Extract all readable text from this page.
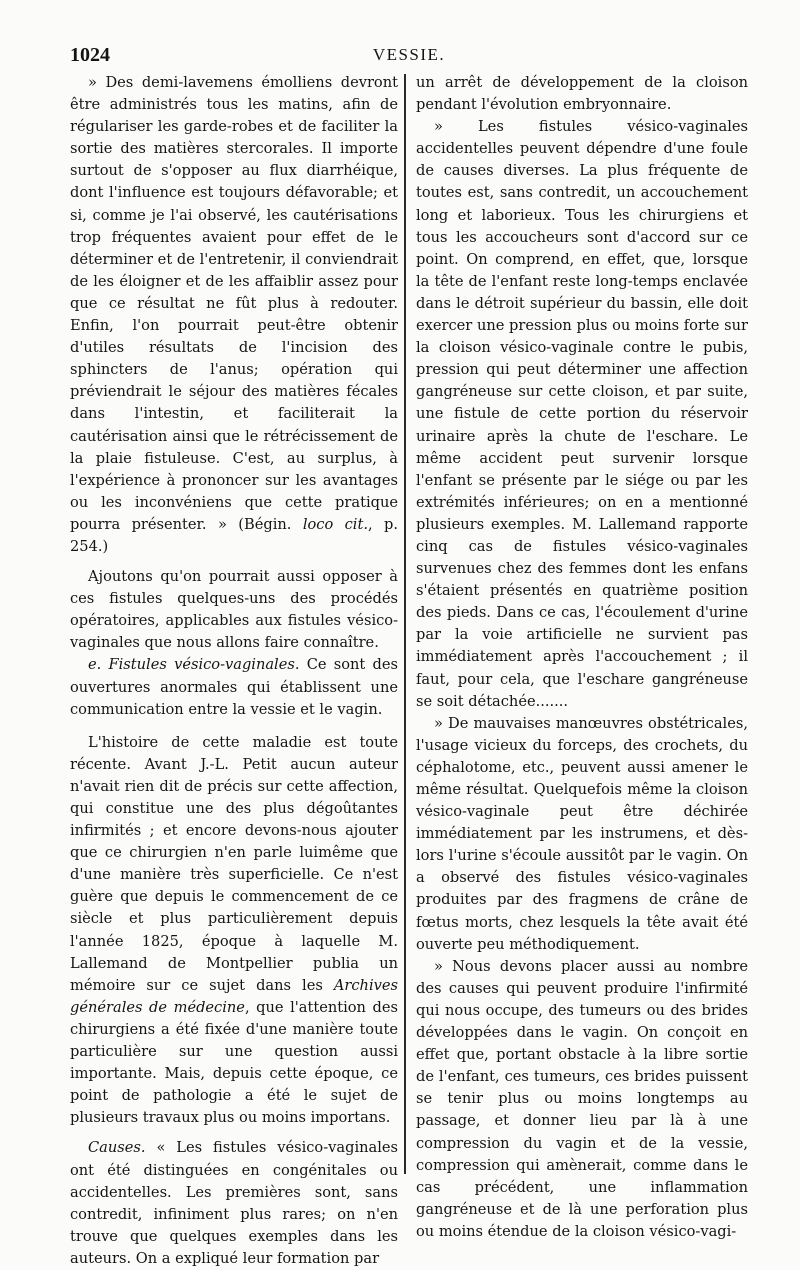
1024	VESSIE.

» Des demi-lavemens émolliens devront être administrés tous les matins, afin de régulariser les garde-robes et de faciliter la sortie des matières stercorales. Il importe surtout de s'opposer au flux diarrhéique, dont l'influence est toujours défavorable; et si, comme je l'ai observé, les cautérisations trop fréquentes avaient pour effet de le déterminer et de l'entretenir, il conviendrait de les éloigner et de les affaiblir assez pour que ce résultat ne fût plus à redouter. Enfin, l'on pourrait peut-être obtenir d'utiles résultats de l'incision des sphincters de l'anus; opération qui préviendrait le séjour des matières fécales dans l'intestin, et faciliterait la cautérisation ainsi que le rétrécissement de la plaie fistuleuse. C'est, au surplus, à l'expérience à prononcer sur les avantages ou les inconvéniens que cette pratique pourra présenter. » (Bégin. loco cit., p. 254.)

Ajoutons qu'on pourrait aussi opposer à ces fistules quelques-uns des procédés opératoires, applicables aux fistules vésico-vaginales que nous allons faire connaître.

e. Fistules vésico-vaginales. Ce sont des ouvertures anormales qui établissent une communication entre la vessie et le vagin.

L'histoire de cette maladie est toute récente. Avant J.-L. Petit aucun auteur n'avait rien dit de précis sur cette affection, qui constitue une des plus dégoûtantes infirmités ; et encore devons-nous ajouter que ce chirurgien n'en parle luimême que d'une manière très superficielle. Ce n'est guère que depuis le commencement de ce siècle et plus particulièrement depuis l'année 1825, époque à laquelle M. Lallemand de Montpellier publia un mémoire sur ce sujet dans les Archives générales de médecine, que l'attention des chirurgiens a été fixée d'une manière toute particulière sur une question aussi importante. Mais, depuis cette époque, ce point de pathologie a été le sujet de plusieurs travaux plus ou moins importans.

Causes. « Les fistules vésico-vaginales ont été distinguées en congénitales ou accidentelles. Les premières sont, sans contredit, infiniment plus rares; on n'en trouve que quelques exemples dans les auteurs. On a expliqué leur formation par

un arrêt de développement de la cloison pendant l'évolution embryonnaire.

» Les fistules vésico-vaginales accidentelles peuvent dépendre d'une foule de causes diverses. La plus fréquente de toutes est, sans contredit, un accouchement long et laborieux. Tous les chirurgiens et tous les accoucheurs sont d'accord sur ce point. On comprend, en effet, que, lorsque la tête de l'enfant reste long-temps enclavée dans le détroit supérieur du bassin, elle doit exercer une pression plus ou moins forte sur la cloison vésico-vaginale contre le pubis, pression qui peut déterminer une affection gangréneuse sur cette cloison, et par suite, une fistule de cette portion du réservoir urinaire après la chute de l'eschare. Le même accident peut survenir lorsque l'enfant se présente par le siége ou par les extrémités inférieures; on en a mentionné plusieurs exemples. M. Lallemand rapporte cinq cas de fistules vésico-vaginales survenues chez des femmes dont les enfans s'étaient présentés en quatrième position des pieds. Dans ce cas, l'écoulement d'urine par la voie artificielle ne survient pas immédiatement après l'accouchement ; il faut, pour cela, que l'eschare gangréneuse se soit détachée.......

» De mauvaises manœuvres obstétricales, l'usage vicieux du forceps, des crochets, du céphalotome, etc., peuvent aussi amener le même résultat. Quelquefois même la cloison vésico-vaginale peut être déchirée immédiatement par les instrumens, et dès-lors l'urine s'écoule aussitôt par le vagin. On a observé des fistules vésico-vaginales produites par des fragmens de crâne de fœtus morts, chez lesquels la tête avait été ouverte peu méthodiquement.

» Nous devons placer aussi au nombre des causes qui peuvent produire l'infirmité qui nous occupe, des tumeurs ou des brides développées dans le vagin. On conçoit en effet que, portant obstacle à la libre sortie de l'enfant, ces tumeurs, ces brides puissent se tenir plus ou moins longtemps au passage, et donner lieu par là à une compression du vagin et de la vessie, compression qui amènerait, comme dans le cas précédent, une inflammation gangréneuse et de là une perforation plus ou moins étendue de la cloison vésico-vagi-
